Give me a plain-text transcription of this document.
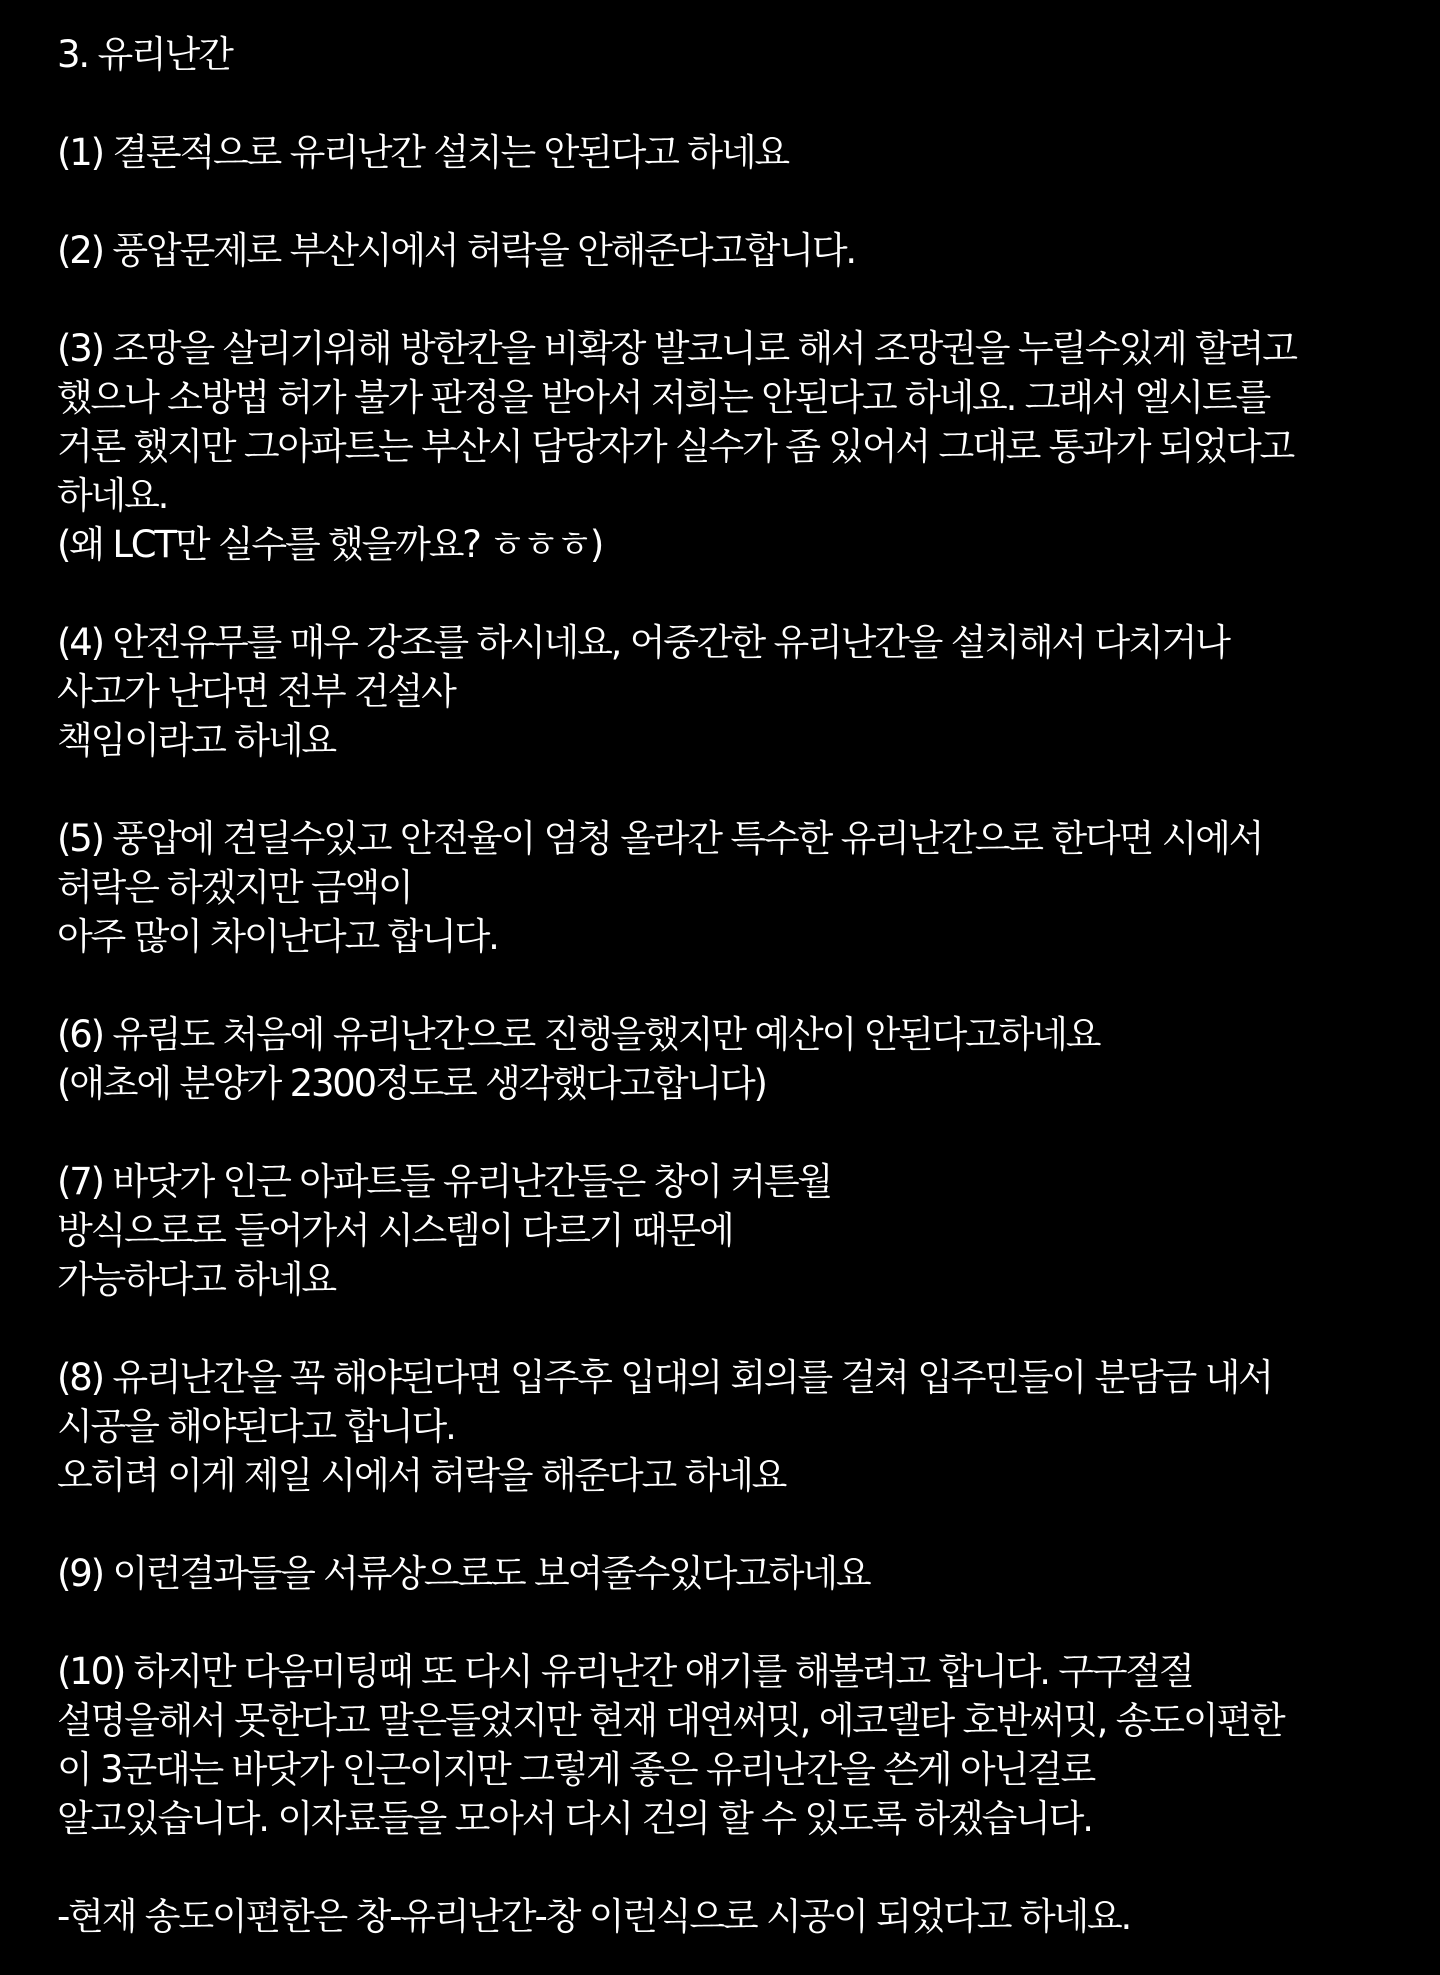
3. 유리난간
(1) 결론적으로 유리난간 설치는 안된다고 하네요
(2) 풍압문제로 부산시에서 허락을 안해준다고합니다.
(3) 조망을 살리기위해 방한칸을 비확장 발코니로 해서 조망권을 누릴수있게 할려고
했으나 소방법 허가 불가 판정을 받아서 저희는 안된다고 하네요. 그래서 엘시트를
거론 했지만 그아파트는 부산시 담당자가 실수가 좀 있어서 그대로 통과가 되었다고
하네요.
(왜 LCT만 실수를 했을까요? ㅎㅎㅎ)
(4) 안전유무를 매우 강조를 하시네요, 어중간한 유리난간을 설치해서 다치거나
사고가 난다면 전부 건설사
책임이라고 하네요
(5) 풍압에 견딜수있고 안전율이 엄청 올라간 특수한 유리난간으로 한다면 시에서
허락은 하겠지만 금액이
아주 많이 차이난다고 합니다.
(6) 유림도 처음에 유리난간으로 진행을했지만 예산이 안된다고하네요
(애초에 분양가 2300정도로 생각했다고합니다)
(7) 바닷가 인근 아파트들 유리난간들은 창이 커튼월
방식으로로 들어가서 시스템이 다르기 때문에
가능하다고 하네요
(8) 유리난간을 꼭 해야된다면 입주후 입대의 회의를 걸쳐 입주민들이 분담금 내서
시공을 해야된다고 합니다.
오히려 이게 제일 시에서 허락을 해준다고 하네요
(9) 이런결과들을 서류상으로도 보여줄수있다고하네요
(10) 하지만 다음미팅때 또 다시 유리난간 얘기를 해볼려고 합니다. 구구절절
설명을해서 못한다고 말은들었지만 현재 대연써밋, 에코델타 호반써밋, 송도이편한
이 3군대는 바닷가 인근이지만 그렇게 좋은 유리난간을 쓴게 아닌걸로
알고있습니다. 이자료들을 모아서 다시 건의 할 수 있도록 하겠습니다.
-현재 송도이편한은 창-유리난간-창 이런식으로 시공이 되었다고 하네요.
